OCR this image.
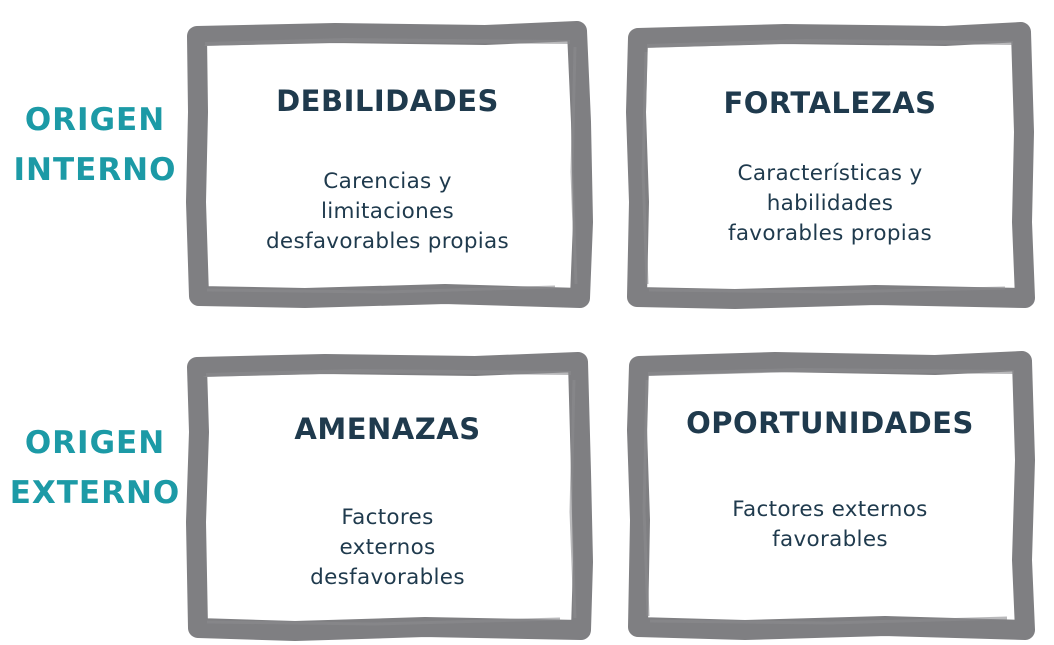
ORIGEN
INTERNO
ORIGEN
EXTERNO
DEBILIDADES
Carencias y
limitaciones
desfavorables propias
FORTALEZAS
Características y
habilidades
favorables propias
AMENAZAS
Factores
externos
desfavorables
OPORTUNIDADES
Factores externos
favorables
